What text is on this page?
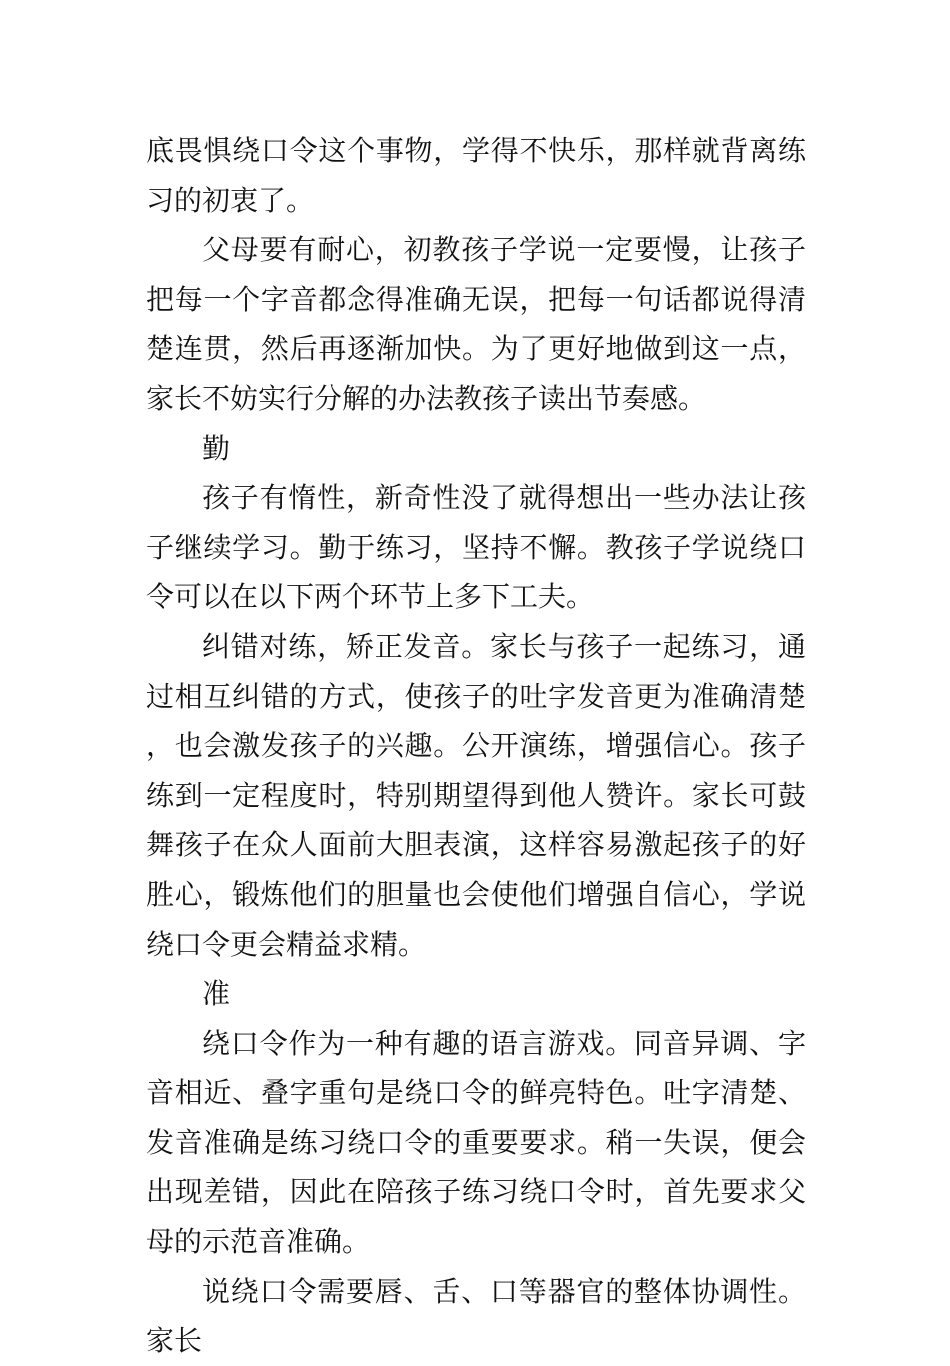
底畏惧绕口令这个事物，学得不快乐，那样就背离练习的初衷了。

父母要有耐心，初教孩子学说一定要慢，让孩子把每一个字音都念得准确无误，把每一句话都说得清楚连贯，然后再逐渐加快。为了更好地做到这一点，家长不妨实行分解的办法教孩子读出节奏感。

勤

孩子有惰性，新奇性没了就得想出一些办法让孩子继续学习。勤于练习，坚持不懈。教孩子学说绕口令可以在以下两个环节上多下工夫。

纠错对练，矫正发音。家长与孩子一起练习，通过相互纠错的方式，使孩子的吐字发音更为准确清楚，也会激发孩子的兴趣。公开演练，增强信心。孩子练到一定程度时，特别期望得到他人赞许。家长可鼓舞孩子在众人面前大胆表演，这样容易激起孩子的好胜心，锻炼他们的胆量也会使他们增强自信心，学说绕口令更会精益求精。

准

绕口令作为一种有趣的语言游戏。同音异调、字音相近、叠字重句是绕口令的鲜亮特色。吐字清楚、发音准确是练习绕口令的重要要求。稍一失误，便会出现差错，因此在陪孩子练习绕口令时，首先要求父母的示范音准确。

说绕口令需要唇、舌、口等器官的整体协调性。家长
